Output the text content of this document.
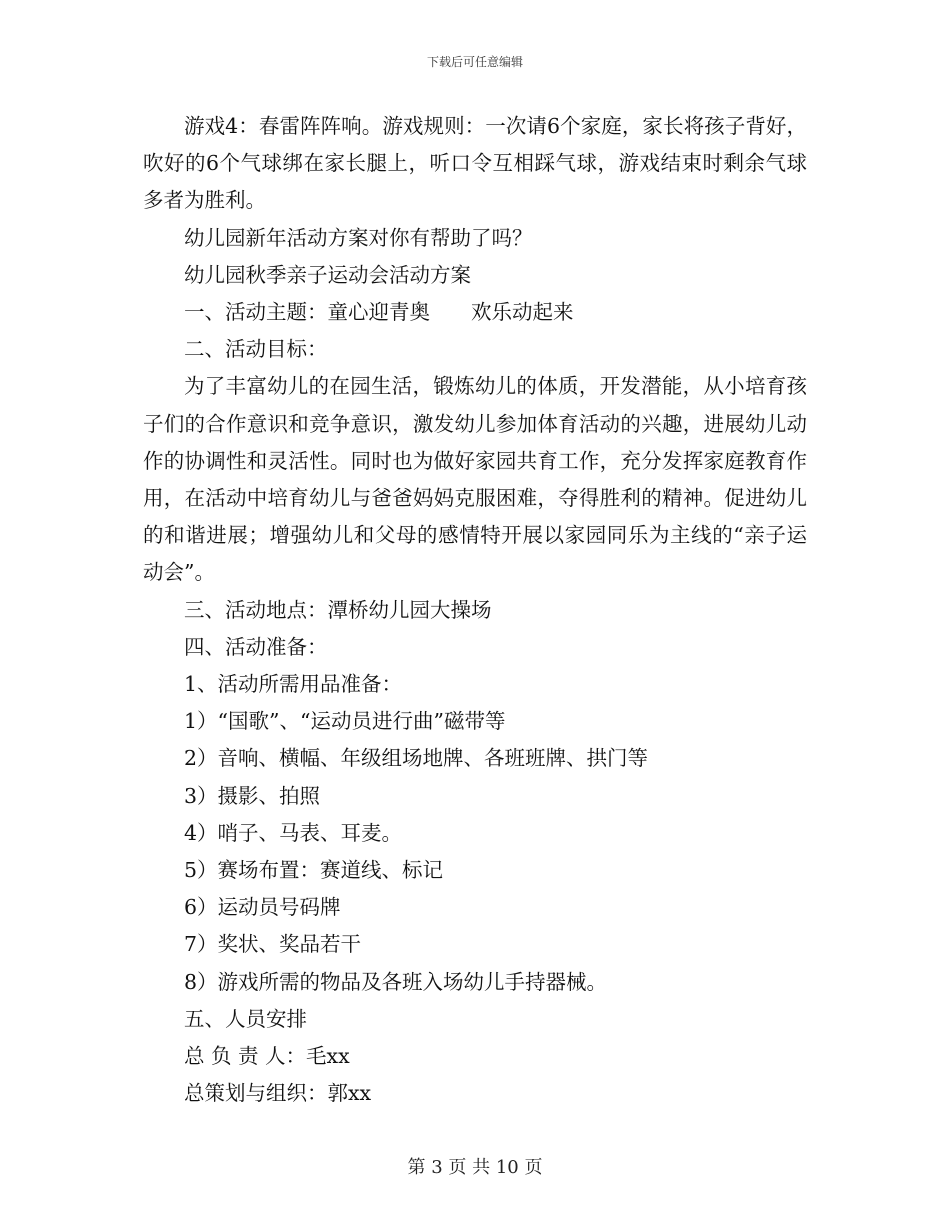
下载后可任意编辑

游戏4：春雷阵阵响。游戏规则：一次请6个家庭，家长将孩子背好，吹好的6个气球绑在家长腿上，听口令互相踩气球，游戏结束时剩余气球多者为胜利。

幼儿园新年活动方案对你有帮助了吗？

幼儿园秋季亲子运动会活动方案

一、活动主题：童心迎青奥　　欢乐动起来

二、活动目标：

为了丰富幼儿的在园生活，锻炼幼儿的体质，开发潜能，从小培育孩子们的合作意识和竞争意识，激发幼儿参加体育活动的兴趣，进展幼儿动作的协调性和灵活性。同时也为做好家园共育工作，充分发挥家庭教育作用，在活动中培育幼儿与爸爸妈妈克服困难，夺得胜利的精神。促进幼儿的和谐进展；增强幼儿和父母的感情特开展以家园同乐为主线的“亲子运动会”。

三、活动地点：潭桥幼儿园大操场

四、活动准备：

1、活动所需用品准备：

1）“国歌”、“运动员进行曲”磁带等

2）音响、横幅、年级组场地牌、各班班牌、拱门等

3）摄影、拍照

4）哨子、马表、耳麦。

5）赛场布置：赛道线、标记

6）运动员号码牌

7）奖状、奖品若干

8）游戏所需的物品及各班入场幼儿手持器械。

五、人员安排

总 负 责 人：毛xx

总策划与组织：郭xx

第 3 页 共 10 页
